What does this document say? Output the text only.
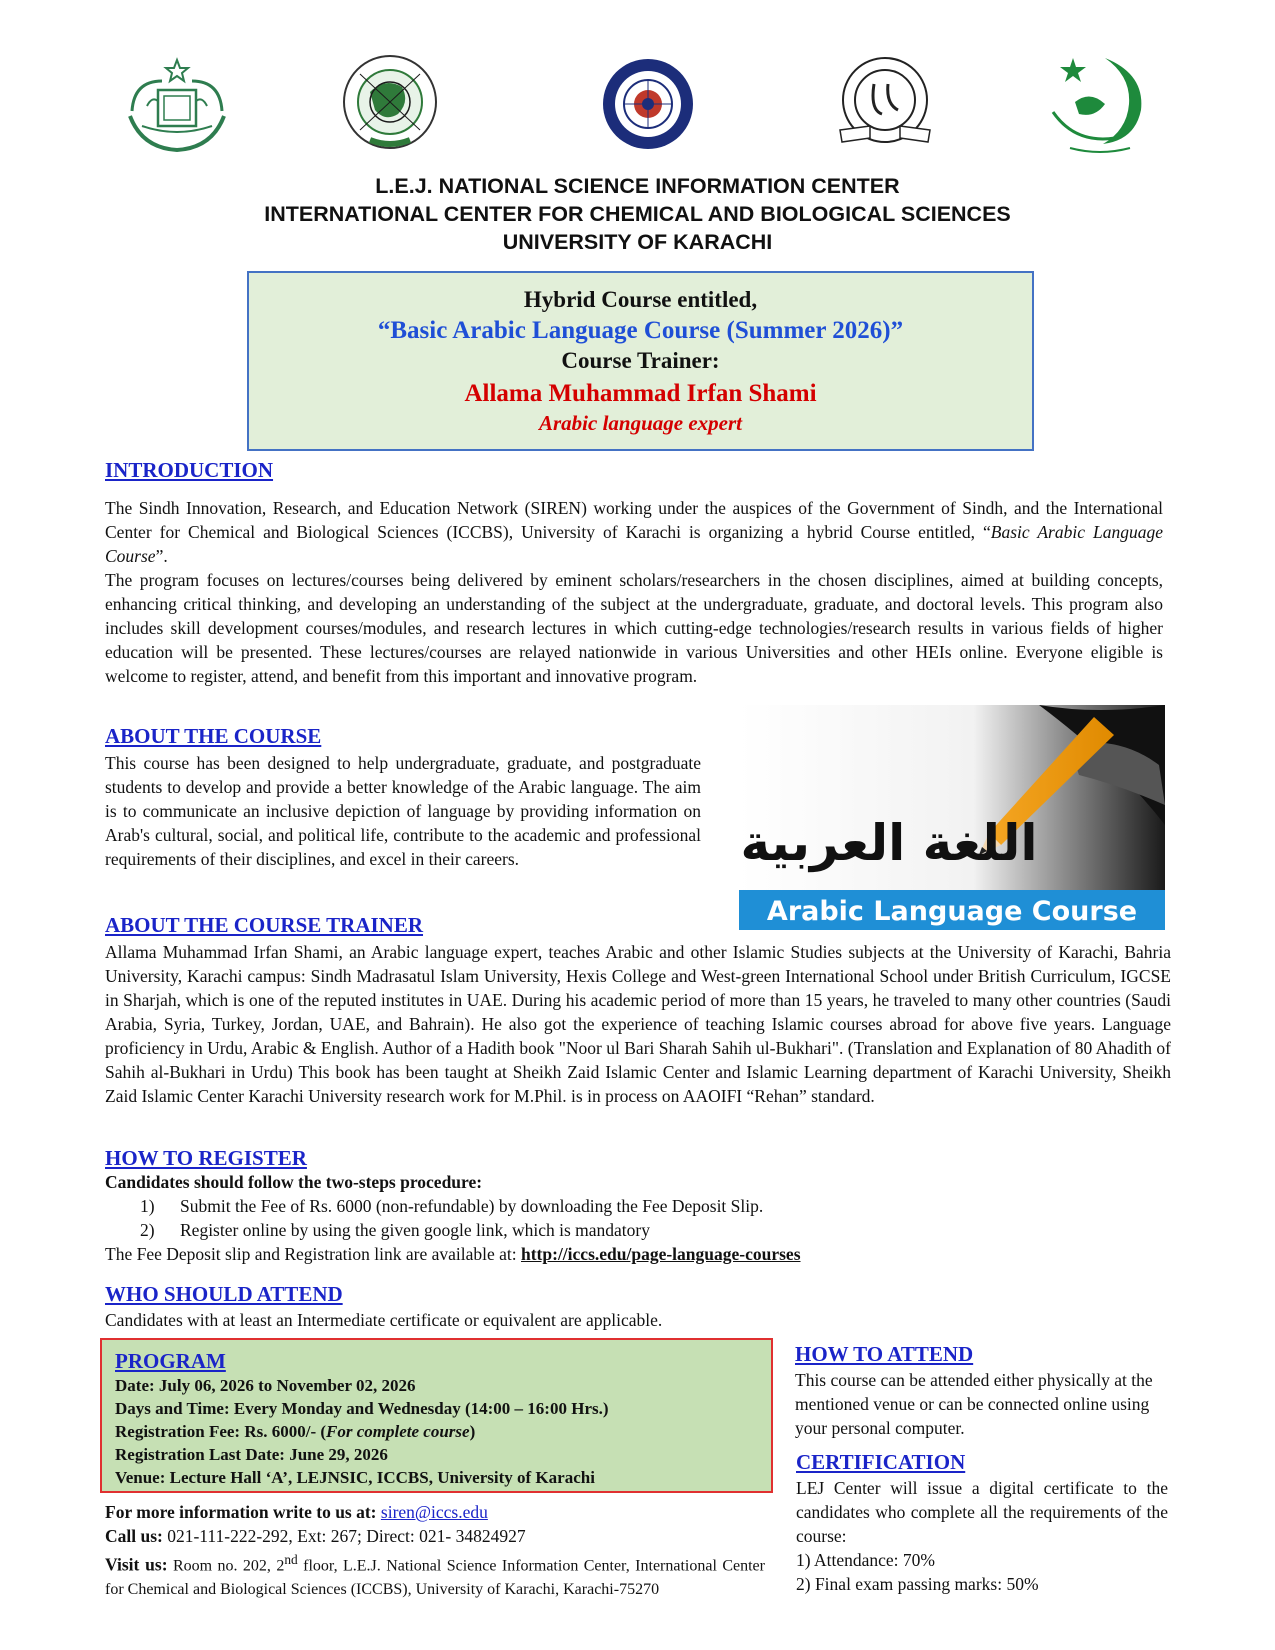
L.E.J. NATIONAL SCIENCE INFORMATION CENTER
INTERNATIONAL CENTER FOR CHEMICAL AND BIOLOGICAL SCIENCES
UNIVERSITY OF KARACHI
Hybrid Course entitled,
“Basic Arabic Language Course (Summer 2026)”
Course Trainer:
Allama Muhammad Irfan Shami
Arabic language expert
INTRODUCTION
The Sindh Innovation, Research, and Education Network (SIREN) working under the auspices of the Government of Sindh, and the International Center for Chemical and Biological Sciences (ICCBS), University of Karachi is organizing a hybrid Course entitled, “Basic Arabic Language Course”.
The program focuses on lectures/courses being delivered by eminent scholars/researchers in the chosen disciplines, aimed at building concepts, enhancing critical thinking, and developing an understanding of the subject at the undergraduate, graduate, and doctoral levels. This program also includes skill development courses/modules, and research lectures in which cutting-edge technologies/research results in various fields of higher education will be presented. These lectures/courses are relayed nationwide in various Universities and other HEIs online. Everyone eligible is welcome to register, attend, and benefit from this important and innovative program.
ABOUT THE COURSE
This course has been designed to help undergraduate, graduate, and postgraduate students to develop and provide a better knowledge of the Arabic language. The aim is to communicate an inclusive depiction of language by providing information on Arab's cultural, social, and political life, contribute to the academic and professional requirements of their disciplines, and excel in their careers.	اللغة العربية
Arabic Language Course
ABOUT THE COURSE TRAINER
Allama Muhammad Irfan Shami, an Arabic language expert, teaches Arabic and other Islamic Studies subjects at the University of Karachi, Bahria University, Karachi campus: Sindh Madrasatul Islam University, Hexis College and West-green International School under British Curriculum, IGCSE in Sharjah, which is one of the reputed institutes in UAE. During his academic period of more than 15 years, he traveled to many other countries (Saudi Arabia, Syria, Turkey, Jordan, UAE, and Bahrain). He also got the experience of teaching Islamic courses abroad for above five years. Language proficiency in Urdu, Arabic & English. Author of a Hadith book "Noor ul Bari Sharah Sahih ul-Bukhari". (Translation and Explanation of 80 Ahadith of Sahih al-Bukhari in Urdu) This book has been taught at Sheikh Zaid Islamic Center and Islamic Learning department of Karachi University, Sheikh Zaid Islamic Center Karachi University research work for M.Phil. is in process on AAOIFI “Rehan” standard.
HOW TO REGISTER
Candidates should follow the two-steps procedure:
1)	Submit the Fee of Rs. 6000 (non-refundable) by downloading the Fee Deposit Slip.
2)	Register online by using the given google link, which is mandatory
The Fee Deposit slip and Registration link are available at: http://iccs.edu/page-language-courses
WHO SHOULD ATTEND
Candidates with at least an Intermediate certificate or equivalent are applicable.
PROGRAM
Date: July 06, 2026 to November 02, 2026
Days and Time: Every Monday and Wednesday (14:00 – 16:00 Hrs.)
Registration Fee: Rs. 6000/- (For complete course)
Registration Last Date: June 29, 2026
Venue: Lecture Hall ‘A’, LEJNSIC, ICCBS, University of Karachi
For more information write to us at: siren@iccs.edu
Call us: 021-111-222-292, Ext: 267; Direct: 021- 34824927
Visit us: Room no. 202, 2nd floor, L.E.J. National Science Information Center, International Center for Chemical and Biological Sciences (ICCBS), University of Karachi, Karachi-75270
HOW TO ATTEND
This course can be attended either physically at the mentioned venue or can be connected online using your personal computer.
CERTIFICATION
LEJ Center will issue a digital certificate to the candidates who complete all the requirements of the course:
1) Attendance: 70%
2) Final exam passing marks: 50%
